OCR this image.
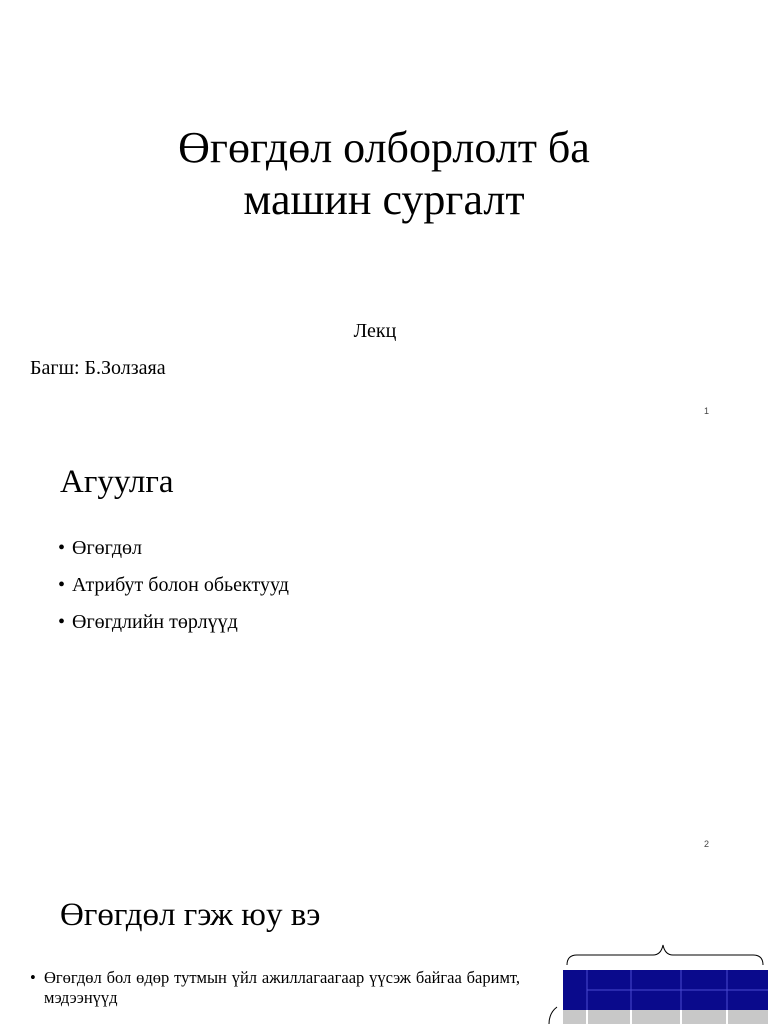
Өгөгдөл олборлолт ба
машин сургалт

Лекц

Багш: Б.Золзаяа

1
Агуулга
• Өгөгдөл
• Атрибут болон обьектууд
• Өгөгдлийн төрлүүд
2
Өгөгдөл гэж юу вэ
• Өгөгдөл бол өдөр тутмын үйл ажиллагаагаар үүсэж байгаа баримт, мэдээнүүд
